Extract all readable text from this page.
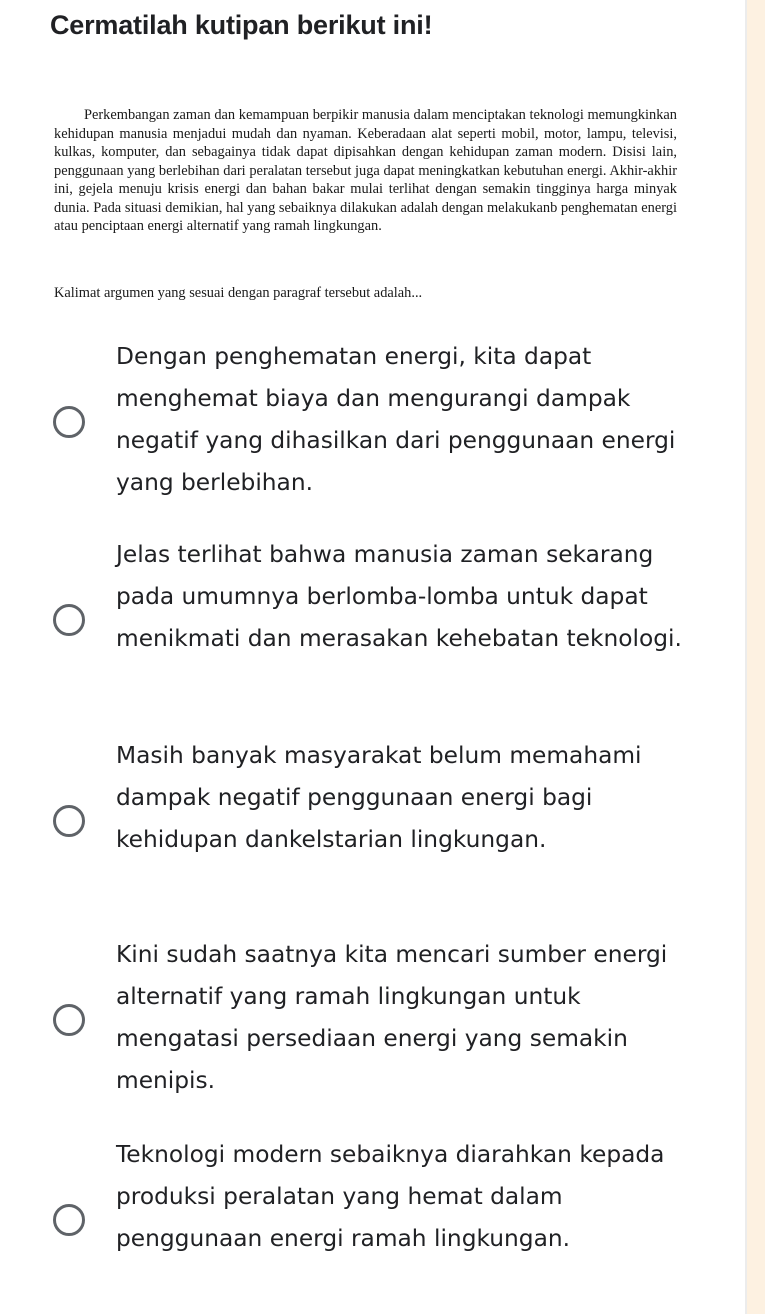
Cermatilah kutipan berikut ini!

Perkembangan zaman dan kemampuan berpikir manusia dalam menciptakan teknologi memungkinkan kehidupan manusia menjadui mudah dan nyaman. Keberadaan alat seperti mobil, motor, lampu, televisi, kulkas, komputer, dan sebagainya tidak dapat dipisahkan dengan kehidupan zaman modern. Disisi lain, penggunaan yang berlebihan dari peralatan tersebut juga dapat meningkatkan kebutuhan energi. Akhir-akhir ini, gejela menuju krisis energi dan bahan bakar mulai terlihat dengan semakin tingginya harga minyak dunia. Pada situasi demikian, hal yang sebaiknya dilakukan adalah dengan melakukanb penghematan energi atau penciptaan energi alternatif yang ramah lingkungan.

Kalimat argumen yang sesuai dengan paragraf tersebut adalah...
Dengan penghematan energi, kita dapat menghemat biaya dan mengurangi dampak negatif yang dihasilkan dari penggunaan energi yang berlebihan.
Jelas terlihat bahwa manusia zaman sekarang pada umumnya berlomba-lomba untuk dapat menikmati dan merasakan kehebatan teknologi.
Masih banyak masyarakat belum memahami dampak negatif penggunaan energi bagi kehidupan dankelstarian lingkungan.
Kini sudah saatnya kita mencari sumber energi alternatif yang ramah lingkungan untuk mengatasi persediaan energi yang semakin menipis.
Teknologi modern sebaiknya diarahkan kepada produksi peralatan yang hemat dalam penggunaan energi ramah lingkungan.
